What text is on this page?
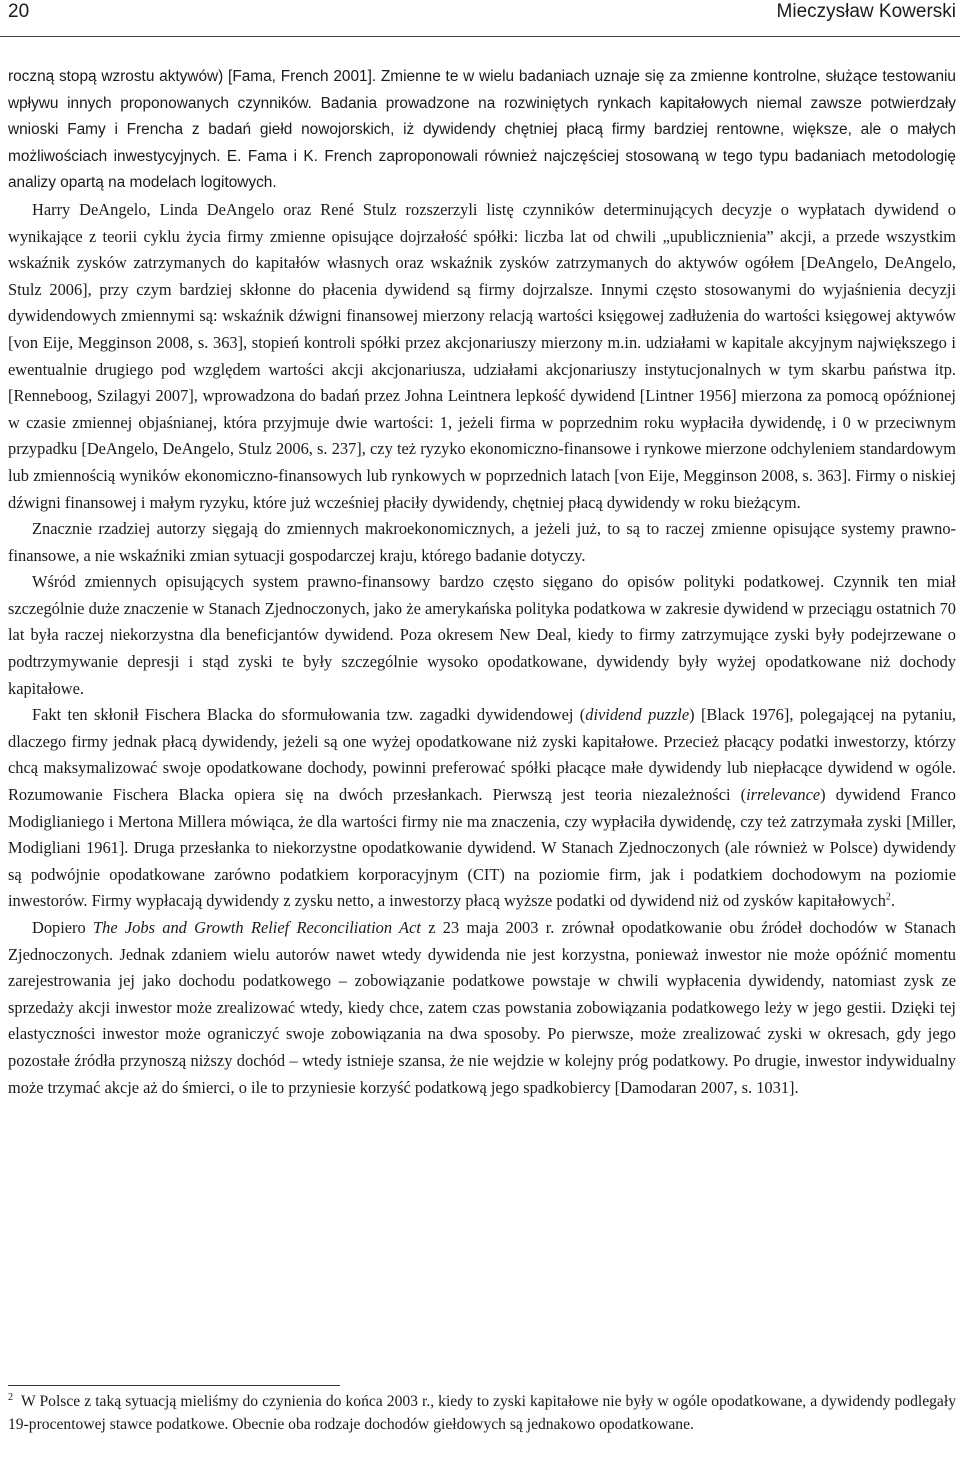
20	Mieczysław Kowerski

roczną stopą wzrostu aktywów) [Fama, French 2001]. Zmienne te w wielu badaniach uznaje się za zmienne kontrolne, służące testowaniu wpływu innych proponowanych czynników. Badania prowadzone na rozwiniętych rynkach kapitałowych niemal zawsze potwierdzały wnioski Famy i Frencha z badań giełd nowojorskich, iż dywidendy chętniej płacą firmy bardziej rentowne, większe, ale o małych możliwościach inwestycyjnych. E. Fama i K. French zaproponowali również najczęściej stosowaną w tego typu badaniach metodologię analizy opartą na modelach logitowych.

Harry DeAngelo, Linda DeAngelo oraz René Stulz rozszerzyli listę czynników determinujących decyzje o wypłatach dywidend o wynikające z teorii cyklu życia firmy zmienne opisujące dojrzałość spółki: liczba lat od chwili „upublicznienia” akcji, a przede wszystkim wskaźnik zysków zatrzymanych do kapitałów własnych oraz wskaźnik zysków zatrzymanych do aktywów ogółem [DeAngelo, DeAngelo, Stulz 2006], przy czym bardziej skłonne do płacenia dywidend są firmy dojrzalsze. Innymi często stosowanymi do wyjaśnienia decyzji dywidendowych zmiennymi są: wskaźnik dźwigni finansowej mierzony relacją wartości księgowej zadłużenia do wartości księgowej aktywów [von Eije, Megginson 2008, s. 363], stopień kontroli spółki przez akcjonariuszy mierzony m.in. udziałami w kapitale akcyjnym największego i ewentualnie drugiego pod względem wartości akcji akcjonariusza, udziałami akcjonariuszy instytucjonalnych w tym skarbu państwa itp. [Renneboog, Szilagyi 2007], wprowadzona do badań przez Johna Leintnera lepkość dywidend [Lintner 1956] mierzona za pomocą opóźnionej w czasie zmiennej objaśnianej, która przyjmuje dwie wartości: 1, jeżeli firma w poprzednim roku wypłaciła dywidendę, i 0 w przeciwnym przypadku [DeAngelo, DeAngelo, Stulz 2006, s. 237], czy też ryzyko ekonomiczno-finansowe i rynkowe mierzone odchyleniem standardowym lub zmiennością wyników ekonomiczno-finansowych lub rynkowych w poprzednich latach [von Eije, Megginson 2008, s. 363]. Firmy o niskiej dźwigni finansowej i małym ryzyku, które już wcześniej płaciły dywidendy, chętniej płacą dywidendy w roku bieżącym.

Znacznie rzadziej autorzy sięgają do zmiennych makroekonomicznych, a jeżeli już, to są to raczej zmienne opisujące systemy prawno-finansowe, a nie wskaźniki zmian sytuacji gospodarczej kraju, którego badanie dotyczy.

Wśród zmiennych opisujących system prawno-finansowy bardzo często sięgano do opisów polityki podatkowej. Czynnik ten miał szczególnie duże znaczenie w Stanach Zjednoczonych, jako że amerykańska polityka podatkowa w zakresie dywidend w przeciągu ostatnich 70 lat była raczej niekorzystna dla beneficjantów dywidend. Poza okresem New Deal, kiedy to firmy zatrzymujące zyski były podejrzewane o podtrzymywanie depresji i stąd zyski te były szczególnie wysoko opodatkowane, dywidendy były wyżej opodatkowane niż dochody kapitałowe.

Fakt ten skłonił Fischera Blacka do sformułowania tzw. zagadki dywidendowej (dividend puzzle) [Black 1976], polegającej na pytaniu, dlaczego firmy jednak płacą dywidendy, jeżeli są one wyżej opodatkowane niż zyski kapitałowe. Przecież płacący podatki inwestorzy, którzy chcą maksymalizować swoje opodatkowane dochody, powinni preferować spółki płacące małe dywidendy lub niepłacące dywidend w ogóle. Rozumowanie Fischera Blacka opiera się na dwóch przesłankach. Pierwszą jest teoria niezależności (irrelevance) dywidend Franco Modiglianiego i Mertona Millera mówiąca, że dla wartości firmy nie ma znaczenia, czy wypłaciła dywidendę, czy też zatrzymała zyski [Miller, Modigliani 1961]. Druga przesłanka to niekorzystne opodatkowanie dywidend. W Stanach Zjednoczonych (ale również w Polsce) dywidendy są podwójnie opodatkowane zarówno podatkiem korporacyjnym (CIT) na poziomie firm, jak i podatkiem dochodowym na poziomie inwestorów. Firmy wypłacają dywidendy z zysku netto, a inwestorzy płacą wyższe podatki od dywidend niż od zysków kapitałowych$^2$.

Dopiero The Jobs and Growth Relief Reconciliation Act z 23 maja 2003 r. zrównał opodatkowanie obu źródeł dochodów w Stanach Zjednoczonych. Jednak zdaniem wielu autorów nawet wtedy dywidenda nie jest korzystna, ponieważ inwestor nie może opóźnić momentu zarejestrowania jej jako dochodu podatkowego – zobowiązanie podatkowe powstaje w chwili wypłacenia dywidendy, natomiast zysk ze sprzedaży akcji inwestor może zrealizować wtedy, kiedy chce, zatem czas powstania zobowiązania podatkowego leży w jego gestii. Dzięki tej elastyczności inwestor może ograniczyć swoje zobowiązania na dwa sposoby. Po pierwsze, może zrealizować zyski w okresach, gdy jego pozostałe źródła przynoszą niższy dochód – wtedy istnieje szansa, że nie wejdzie w kolejny próg podatkowy. Po drugie, inwestor indywidualny może trzymać akcje aż do śmierci, o ile to przyniesie korzyść podatkową jego spadkobiercy [Damodaran 2007, s. 1031].

$^2$ W Polsce z taką sytuacją mieliśmy do czynienia do końca 2003 r., kiedy to zyski kapitałowe nie były w ogóle opodatkowane, a dywidendy podlegały 19-procentowej stawce podatkowe. Obecnie oba rodzaje dochodów giełdowych są jednakowo opodatkowane.
